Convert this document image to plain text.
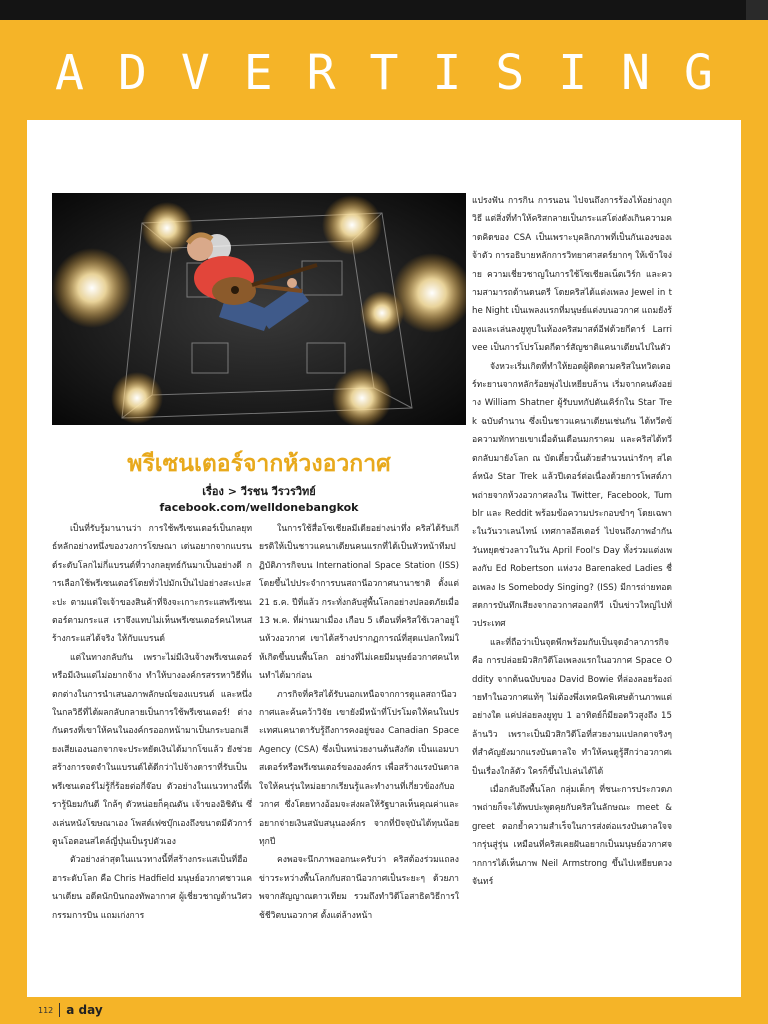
ADVERTISING
พรีเซนเตอร์จากห้วงอวกาศ
เรื่อง > วีรชน วีรวรวิทย์
facebook.com/welldonebangkok

เป็นที่รับรู้มานานว่า การใช้พรีเซนเตอร์เป็นกลยุทธ์หลักอย่างหนึ่งของวงการโฆษณา เด่นอยากจากแบรนด์ระดับโลกไม่กี่แบรนด์ที่วางกลยุทธ์กันมาเป็นอย่างดี การเลือกใช้พรีเซนเตอร์โดยทั่วไปมักเป็นไปอย่างสะเปะสะปะ ตามแต่ใจเจ้าของสินค้าที่จิงจะเกาะกระแสพรีเซนเตอร์ตามกระแส เราจึงแทบไม่เห็นพรีเซนเตอร์คนไหนสร้างกระแสได้จริง ให้กับแบรนด์

แต่ในทางกลับกัน เพราะไม่มีเงินจ้างพรีเซนเตอร์ หรือมีเงินแต่ไม่อยากจ้าง ทำให้บางองค์กรสรรหาวิธีที่แตกต่างในการนำเสนอภาพลักษณ์ของแบรนด์ และหนึ่งในกลวิธีที่ได้ผลกลับกลายเป็นการใช้พรีเซนเตอร์! ต่างกันตรงที่เขาให้คนในองค์กรออกหน้ามาเป็นกระบอกเสียงเสียเองนอกจากจะประหยัดเงินได้มากโขแล้ว ยังช่วยสร้างการจดจำในแบรนด์ได้ดีกว่าไปจ้างดาราที่รับเป็นพรีเซนเตอร์ไม่รู้กี่ร้อยต่อกี่จ๊อบ ตัวอย่างในแนวทางนี้ที่เรารู้นิยมกันดี ใกล้ๆ ตัวหน่อยก็คุณตัน เจ้าของอิชิตัน ซึ่งเล่นหนังโฆษณาเอง โพสต์เฟซบุ๊กเองถึงขนาดมีตัวการ์ตูนโอตอนสไตล์ญี่ปุ่นเป็นรูปตัวเอง

ตัวอย่างล่าสุดในแนวทางนี้ที่สร้างกระแสเป็นที่ฮือฮาระดับโลก คือ Chris Hadfield มนุษย์อวกาศชาวแคนาเดียน อดีตนักบินกองทัพอากาศ ผู้เชี่ยวชาญด้านวิศวกรรมการบิน แถมเก่งการ

ในการใช้สื่อโซเชียลมีเดียอย่างน่าทึ่ง คริสได้รับเกียรติให้เป็นชาวแคนาเดียนคนแรกที่ได้เป็นหัวหน้าทีมปฏิบัติภารกิจบน International Space Station (ISS) โดยขึ้นไปประจำการบนสถานีอวกาศนานาชาติ ตั้งแต่ 21 ธ.ค. ปีที่แล้ว กระทั่งกลับสู่พื้นโลกอย่างปลอดภัยเมื่อ 13 พ.ค. ที่ผ่านมาเมื่อง เกือบ 5 เดือนที่คริสใช้เวลาอยู่ในห้วงอวกาศ เขาได้สร้างปรากฏการณ์ที่สุดแปลกใหม่ให้เกิดขึ้นบนพื้นโลก อย่างที่ไม่เคยมีมนุษย์อวกาศคนไหนทำได้มาก่อน

ภารกิจที่คริสได้รับนอกเหนือจากการดูแลสถานีอวกาศและค้นคว้าวิจัย เขายังมีหน้าที่โปรโมตให้คนในประเทศแคนาดารับรู้ถึงการคงอยู่ของ Canadian Space Agency (CSA) ซึ่งเป็นหน่วยงานต้นสังกัด เป็นแอมบาสเดอร์หรือพรีเซนเตอร์ขององค์กร เพื่อสร้างแรงบันดาลใจให้คนรุ่นใหม่อยากเรียนรู้และทำงานที่เกี่ยวข้องกับอวกาศ ซึ่งโดยทางอ้อมจะส่งผลให้รัฐบาลเห็นคุณค่าและอยากจ่ายเงินสนับสนุนองค์กร จากที่ปัจจุบันได้ทุนน้อยทุกปี

คงพอจะนึกภาพออกนะครับว่า คริสต้องร่วมแถลงข่าวระหว่างพื้นโลกกับสถานีอวกาศเป็นระยะๆ ด้วยภาพจากสัญญาณดาวเทียม รวมถึงทำวิดีโอสาธิตวิธีการใช้ชีวิตบนอวกาศ ตั้งแต่ล้างหน้า

แปรงฟัน การกิน การนอน ไปจนถึงการร้องไห้อย่างถูกวิธี แต่สิ่งที่ทำให้คริสกลายเป็นกระแสโด่งดังเกินความคาดคิดของ CSA เป็นเพราะบุคลิกภาพที่เป็นกันเองของเจ้าตัว การอธิบายหลักการวิทยาศาสตร์ยากๆ ให้เข้าใจง่าย ความเชี่ยวชาญในการใช้โซเชียลเน็ตเวิร์ก และความสามารถด้านดนตรี โดยคริสได้แต่งเพลง Jewel in the Night เป็นเพลงแรกที่มนุษย์แต่งบนอวกาศ แถมยังร้องและเล่นลงยูทูบในห้องคริสมาสต์อีฟด้วยกีตาร์ Larrivee เป็นการโปรโมตกีตาร์สัญชาติแคนาเดียนไปในตัว

จังหวะเริ่มเกิดที่ทำให้ยอดผู้ติดตามคริสในทวิตเตอร์ทะยานจากหลักร้อยพุ่งไปเหยียบล้าน เริ่มจากคนดังอย่าง William Shatner ผู้รับบทกัปตันเคิร์กใน Star Trek ฉบับตำนาน ซึ่งเป็นชาวแคนาเดียนเช่นกัน ได้ทวีตข้อความทักทายเขาเมื่อต้นเดือนมกราคม และคริสได้ทวีตกลับมายังโลก ณ บัดเดี๋ยวนั้นด้วยสำนวนน่ารักๆ สไตล์หนัง Star Trek แล้วปีเตอร์ต่อเนื่องด้วยการโพสต์ภาพถ่ายจากห้วงอวกาศลงใน Twitter, Facebook, Tumblr และ Reddit พร้อมข้อความประกอบขำๆ โดยเฉพาะในวันวาเลนไทน์ เทศกาลอีสเตอร์ ไปจนถึงภาพอำกันวันหยุดช่วงลาวในวัน April Fool's Day ทั้งร่วมแต่งเพลงกับ Ed Robertson แห่งวง Barenaked Ladies ชื่อเพลง Is Somebody Singing? (ISS) มีการถ่ายทอดสดการบันทึกเสียงจากอวกาศออกทีวี เป็นข่าวใหญ่ไปทั่วประเทศ

และที่ถือว่าเป็นจุดพีกพร้อมกับเป็นจุดอำลาภารกิจคือ การปล่อยมิวสิกวิดีโอเพลงแรกในอวกาศ Space Oddity จากต้นฉบับของ David Bowie ที่ล่องลอยร้องถ่ายทำในอวกาศแท้ๆ ไม่ต้องพึ่งเทคนิคพิเศษด้านภาพแต่อย่างใด แค่ปล่อยลงยูทูบ 1 อาทิตย์ก็มียอดวิวสูงถึง 15 ล้านวิว เพราะเป็นมิวสิกวิดีโอที่สวยงามแปลกตาจริงๆ ที่สำคัญยังมากแรงบันดาลใจ ทำให้คนดูรู้สึกว่าอวกาศเป็นเรื่องใกล้ตัว ใครก็ขึ้นไปเล่นได้ได้

เมื่อกลับถึงพื้นโลก กลุ่มเด็กๆ ที่ชนะการประกวดภาพถ่ายก็จะได้พบปะพูดคุยกับคริสในลักษณะ meet & greet ตอกย้ำความสำเร็จในการส่งต่อแรงบันดาลใจจากรุ่นสู่รุ่น เหมือนที่คริสเคยฝันอยากเป็นมนุษย์อวกาศจากการได้เห็นภาพ Neil Armstrong ขึ้นไปเหยียบดวงจันทร์

112 a day
